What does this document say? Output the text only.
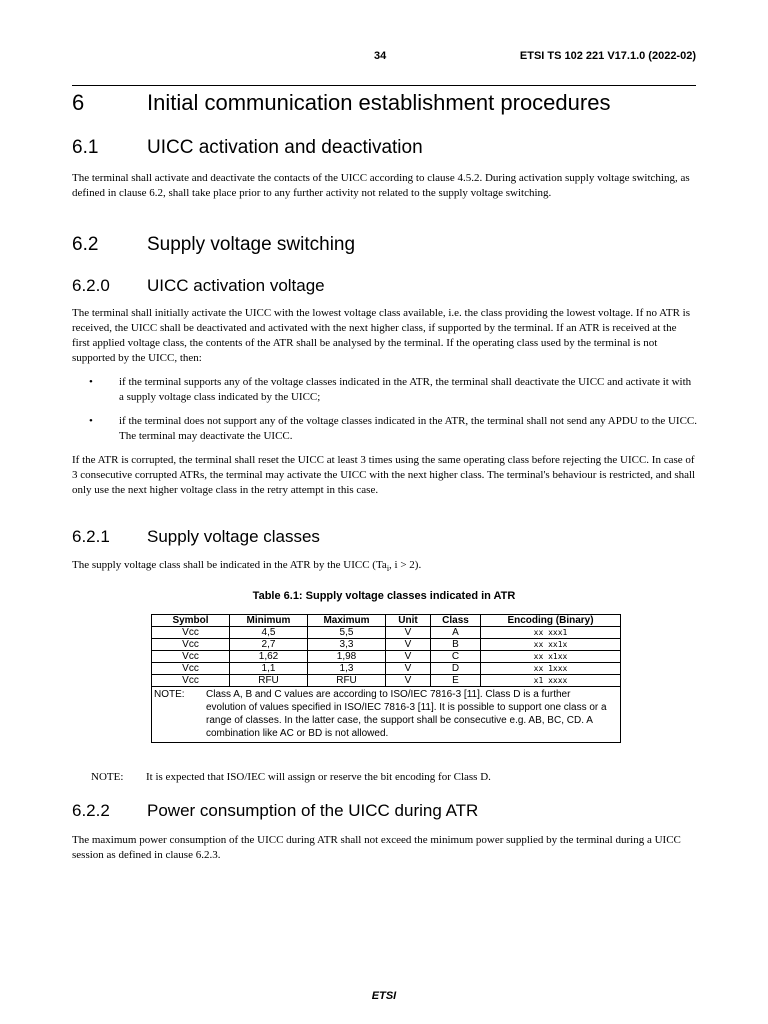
34	ETSI TS 102 221 V17.1.0 (2022-02)
6	Initial communication establishment procedures
6.1	UICC activation and deactivation
The terminal shall activate and deactivate the contacts of the UICC according to clause 4.5.2. During activation supply voltage switching, as defined in clause 6.2, shall take place prior to any further activity not related to the supply voltage switching.
6.2	Supply voltage switching
6.2.0 UICC activation voltage
The terminal shall initially activate the UICC with the lowest voltage class available, i.e. the class providing the lowest voltage. If no ATR is received, the UICC shall be deactivated and activated with the next higher class, if supported by the terminal. If an ATR is received at the first applied voltage class, the contents of the ATR shall be analysed by the terminal. If the operating class used by the terminal is not supported by the UICC, then:
• if the terminal supports any of the voltage classes indicated in the ATR, the terminal shall deactivate the UICC and activate it with a supply voltage class indicated by the UICC;
• if the terminal does not support any of the voltage classes indicated in the ATR, the terminal shall not send any APDU to the UICC. The terminal may deactivate the UICC.
If the ATR is corrupted, the terminal shall reset the UICC at least 3 times using the same operating class before rejecting the UICC. In case of 3 consecutive corrupted ATRs, the terminal may activate the UICC with the next higher class. The terminal's behaviour is restricted, and shall only use the next higher voltage class in the retry attempt in this case.
6.2.1 Supply voltage classes
The supply voltage class shall be indicated in the ATR by the UICC ($Ta_i$, i > 2).
Table 6.1: Supply voltage classes indicated in ATR
Symbol	Minimum	Maximum	Unit	Class	Encoding (Binary)
Vcc	4,5	5,5	V	A	xx xxx1
Vcc	2,7	3,3	V	B	xx xx1x
Vcc	1,62	1,98	V	C	xx x1xx
Vcc	1,1	1,3	V	D	xx 1xxx
Vcc	RFU	RFU	V	E	x1 xxxx
NOTE: Class A, B and C values are according to ISO/IEC 7816-3 [11]. Class D is a further evolution of values specified in ISO/IEC 7816-3 [11]. It is possible to support one class or a range of classes. In the latter case, the support shall be consecutive e.g. AB, BC, CD. A combination like AC or BD is not allowed.					
NOTE: It is expected that ISO/IEC will assign or reserve the bit encoding for Class D.
6.2.2 Power consumption of the UICC during ATR
The maximum power consumption of the UICC during ATR shall not exceed the minimum power supplied by the terminal during a UICC session as defined in clause 6.2.3.
ETSI
